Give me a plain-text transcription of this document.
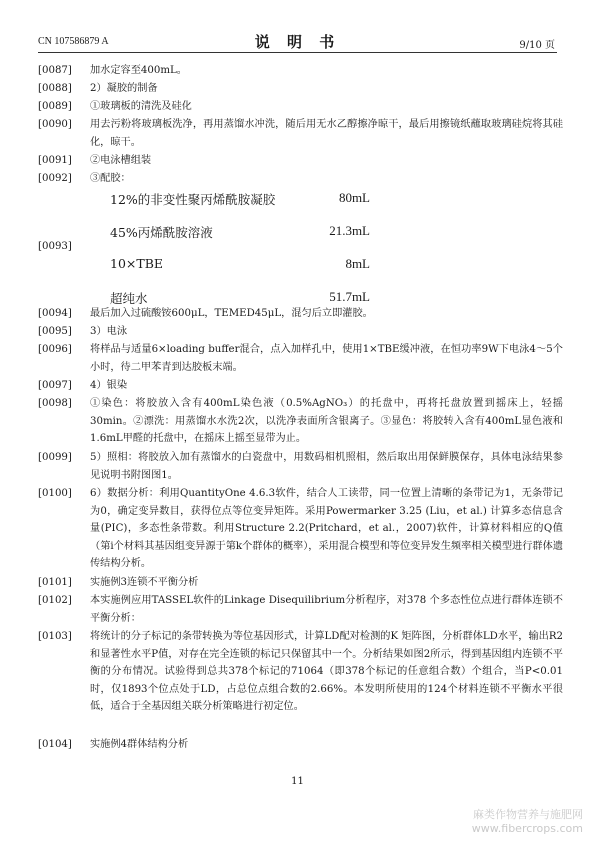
CN 107586879 A	说 明 书	9/10 页
[0087]	加水定容至400mL。
[0088]	2）凝胶的制备
[0089]	①玻璃板的清洗及硅化
[0090]	用去污粉将玻璃板洗净，再用蒸馏水冲洗，随后用无水乙醇擦净晾干，最后用擦镜纸蘸取玻璃硅烷将其硅化，晾干。
[0091]	②电泳槽组装
[0092]	③配胶：
[0093]
12%的非变性聚丙烯酰胺凝胶	80mL
45%丙烯酰胺溶液	21.3mL
10×TBE	8mL
超纯水	51.7mL
[0094]	最后加入过硫酸铵600μL，TEMED45μL，混匀后立即灌胶。
[0095]	3）电泳
[0096]	将样品与适量6×loading buffer混合，点入加样孔中，使用1×TBE缓冲液，在恒功率9W下电泳4～5个小时，待二甲苯青到达胶板末端。
[0097]	4）银染
[0098]	①染色：将胶放入含有400mL染色液（0.5%AgNO₃）的托盘中，再将托盘放置到摇床上，轻摇30min。②漂洗：用蒸馏水水洗2次，以洗净表面所含银离子。③显色：将胶转入含有400mL显色液和1.6mL甲醛的托盘中，在摇床上摇至显带为止。
[0099]	5）照相：将胶放入加有蒸馏水的白瓷盘中，用数码相机照相，然后取出用保鲜膜保存，具体电泳结果参见说明书附图图1。
[0100]	6）数据分析：利用QuantityOne 4.6.3软件，结合人工读带，同一位置上清晰的条带记为1，无条带记为0，确定变异数目，获得位点等位变异矩阵。采用Powermarker 3.25 (Liu，et al.) 计算多态信息含量(PIC)，多态性条带数。利用Structure 2.2(Pritchard，et al.，2007)软件，计算材料相应的Q值（第i个材料其基因组变异源于第k个群体的概率），采用混合模型和等位变异发生频率相关模型进行群体遗传结构分析。
[0101]	实施例3连锁不平衡分析
[0102]	本实施例应用TASSEL软件的Linkage Disequilibrium分析程序，对378 个多态性位点进行群体连锁不平衡分析：
[0103]	将统计的分子标记的条带转换为等位基因形式，计算LD配对检测的K 矩阵图，分析群体LD水平，输出R2和显著性水平P值，对存在完全连锁的标记只保留其中一个。分析结果如图2所示，得到基因组内连锁不平衡的分布情况。试验得到总共378个标记的71064（即378个标记的任意组合数）个组合，当P<0.01时，仅1893个位点处于LD，占总位点组合数的2.66%。本发明所使用的124个材料连锁不平衡水平很低，适合于全基因组关联分析策略进行初定位。
[0104]	实施例4群体结构分析
11
麻类作物营养与施肥网
www.fibercrops.com
